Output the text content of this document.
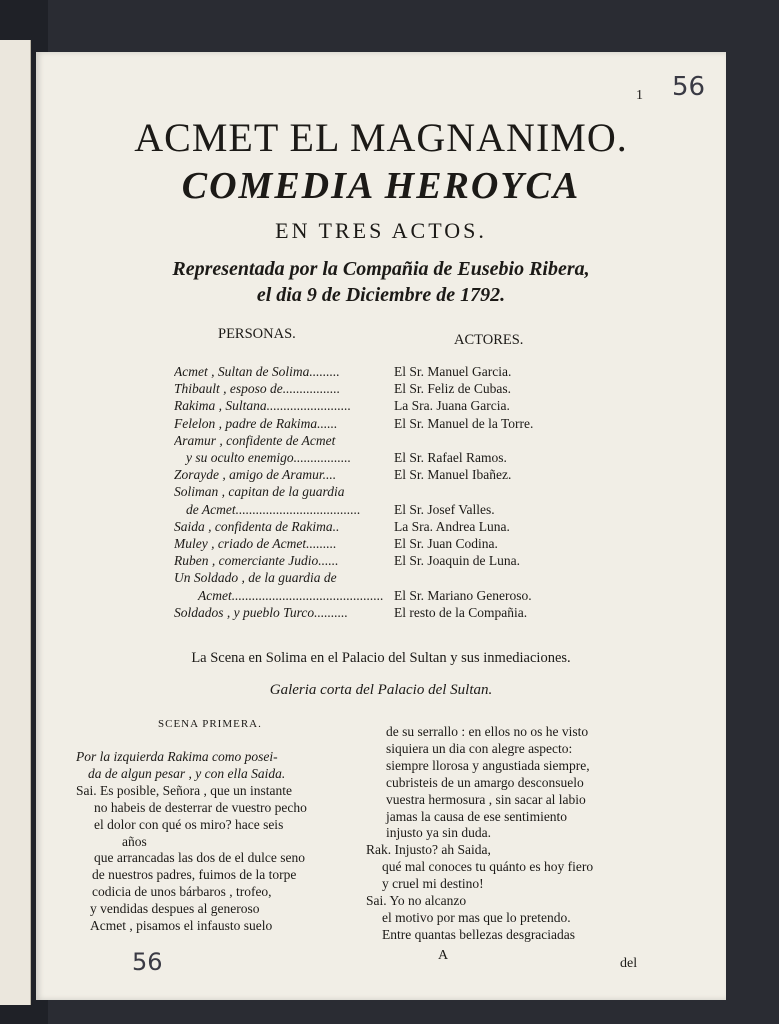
1 56
ACMET EL MAGNANIMO.
COMEDIA HEROYCA
EN TRES ACTOS.
Representada por la Compañia de Eusebio Ribera,
el dia 9 de Diciembre de 1792.
PERSONAS.	ACTORES.
Acmet , Sultan de Solima.........	El Sr. Manuel Garcia.
Thibault , esposo de.................	El Sr. Feliz de Cubas.
Rakima , Sultana.........................	La Sra. Juana Garcia.
Felelon , padre de Rakima......	El Sr. Manuel de la Torre.
Aramur , confidente de Acmet
y su oculto enemigo.................	El Sr. Rafael Ramos.
Zorayde , amigo de Aramur....	El Sr. Manuel Ibañez.
Soliman , capitan de la guardia
de Acmet.....................................	El Sr. Josef Valles.
Saida , confidenta de Rakima..	La Sra. Andrea Luna.
Muley , criado de Acmet.........	El Sr. Juan Codina.
Ruben , comerciante Judio......	El Sr. Joaquin de Luna.
Un Soldado , de la guardia de
Acmet............................................. El Sr. Mariano Generoso.
Soldados , y pueblo Turco..........	El resto de la Compañia.
La Scena en Solima en el Palacio del Sultan y sus inmediaciones.
Galeria corta del Palacio del Sultan.
SCENA PRIMERA.
Por la izquierda Rakima como posei-
da de algun pesar , y con ella Saida.
Sai. Es posible, Señora , que un instante
no habeis de desterrar de vuestro pecho
el dolor con qué os miro? hace seis
años
que arrancadas las dos de el dulce seno
de nuestros padres, fuimos de la torpe
codicia de unos bárbaros , trofeo,
y vendidas despues al generoso
Acmet , pisamos el infausto suelo
de su serrallo : en ellos no os he visto
siquiera un dia con alegre aspecto:
siempre llorosa y angustiada siempre,
cubristeis de un amargo desconsuelo
vuestra hermosura , sin sacar al labio
jamas la causa de ese sentimiento
injusto ya sin duda.
Rak. Injusto? ah Saida,
qué mal conoces tu quánto es hoy fiero
y cruel mi destino!
Sai. Yo no alcanzo
el motivo por mas que lo pretendo.
Entre quantas bellezas desgraciadas
56	A
del
